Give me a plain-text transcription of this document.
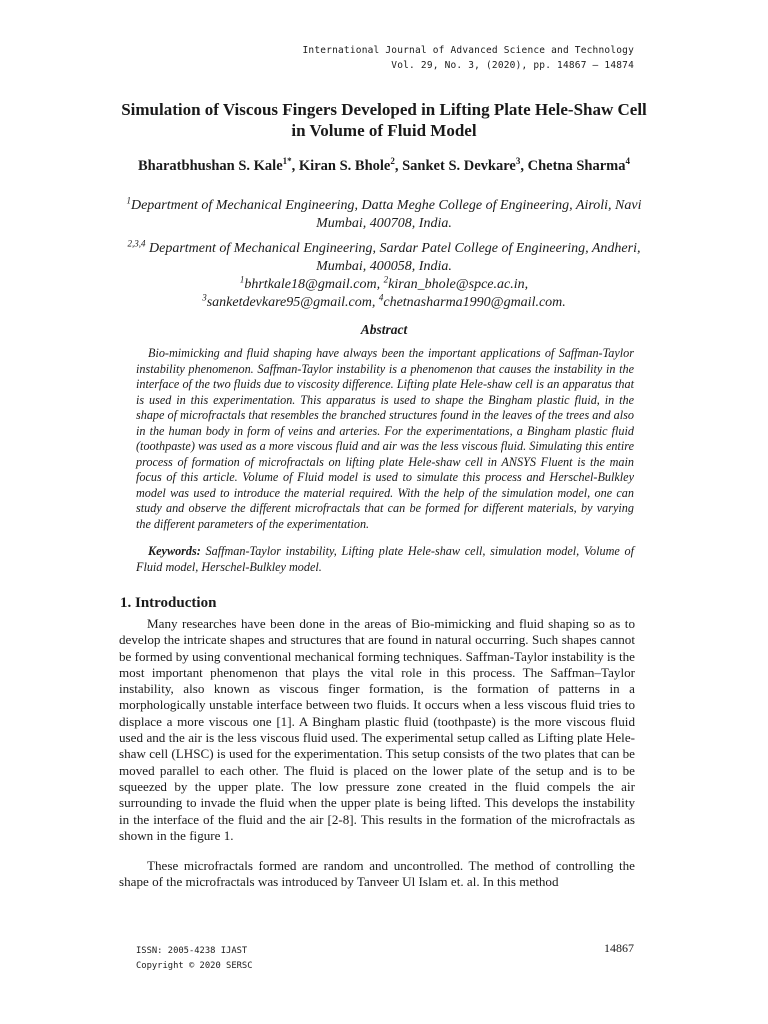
International Journal of Advanced Science and Technology
Vol. 29, No. 3, (2020), pp. 14867 – 14874
Simulation of Viscous Fingers Developed in Lifting Plate Hele-Shaw Cell in Volume of Fluid Model
Bharatbhushan S. Kale$^{1*}$, Kiran S. Bhole$^2$, Sanket S. Devkare$^3$, Chetna Sharma$^4$
$^1$Department of Mechanical Engineering, Datta Meghe College of Engineering, Airoli, Navi Mumbai, 400708, India.
$^{2,3,4}$ Department of Mechanical Engineering, Sardar Patel College of Engineering, Andheri, Mumbai, 400058, India.
$^1$bhrtkale18@gmail.com, $^2$kiran_bhole@spce.ac.in,
$^3$sanketdevkare95@gmail.com, $^4$chetnasharma1990@gmail.com.
Abstract

Bio-mimicking and fluid shaping have always been the important applications of Saffman-Taylor instability phenomenon. Saffman-Taylor instability is a phenomenon that causes the instability in the interface of the two fluids due to viscosity difference. Lifting plate Hele-shaw cell is an apparatus that is used in this experimentation. This apparatus is used to shape the Bingham plastic fluid, in the shape of microfractals that resembles the branched structures found in the leaves of the trees and also in the human body in form of veins and arteries. For the experimentations, a Bingham plastic fluid (toothpaste) was used as a more viscous fluid and air was the less viscous fluid. Simulating this entire process of formation of microfractals on lifting plate Hele-shaw cell in ANSYS Fluent is the main focus of this article. Volume of Fluid model is used to simulate this process and Herschel-Bulkley model was used to introduce the material required. With the help of the simulation model, one can study and observe the different microfractals that can be formed for different materials, by varying the different parameters of the experimentation.

Keywords: Saffman-Taylor instability, Lifting plate Hele-shaw cell, simulation model, Volume of Fluid model, Herschel-Bulkley model.

1. Introduction

Many researches have been done in the areas of Bio-mimicking and fluid shaping so as to develop the intricate shapes and structures that are found in natural occurring. Such shapes cannot be formed by using conventional mechanical forming techniques. Saffman-Taylor instability is the most important phenomenon that plays the vital role in this process. The Saffman–Taylor instability, also known as viscous finger formation, is the formation of patterns in a morphologically unstable interface between two fluids. It occurs when a less viscous fluid tries to displace a more viscous one [1]. A Bingham plastic fluid (toothpaste) is the more viscous fluid used and the air is the less viscous fluid used. The experimental setup called as Lifting plate Hele-shaw cell (LHSC) is used for the experimentation. This setup consists of the two plates that can be moved parallel to each other. The fluid is placed on the lower plate of the setup and is to be squeezed by the upper plate. The low pressure zone created in the fluid compels the air surrounding to invade the fluid when the upper plate is being lifted. This develops the instability in the interface of the fluid and the air [2-8]. This results in the formation of the microfractals as shown in the figure 1.

These microfractals formed are random and uncontrolled. The method of controlling the shape of the microfractals was introduced by Tanveer Ul Islam et. al. In this method

ISSN: 2005-4238 IJAST
Copyright © 2020 SERSC
14867
